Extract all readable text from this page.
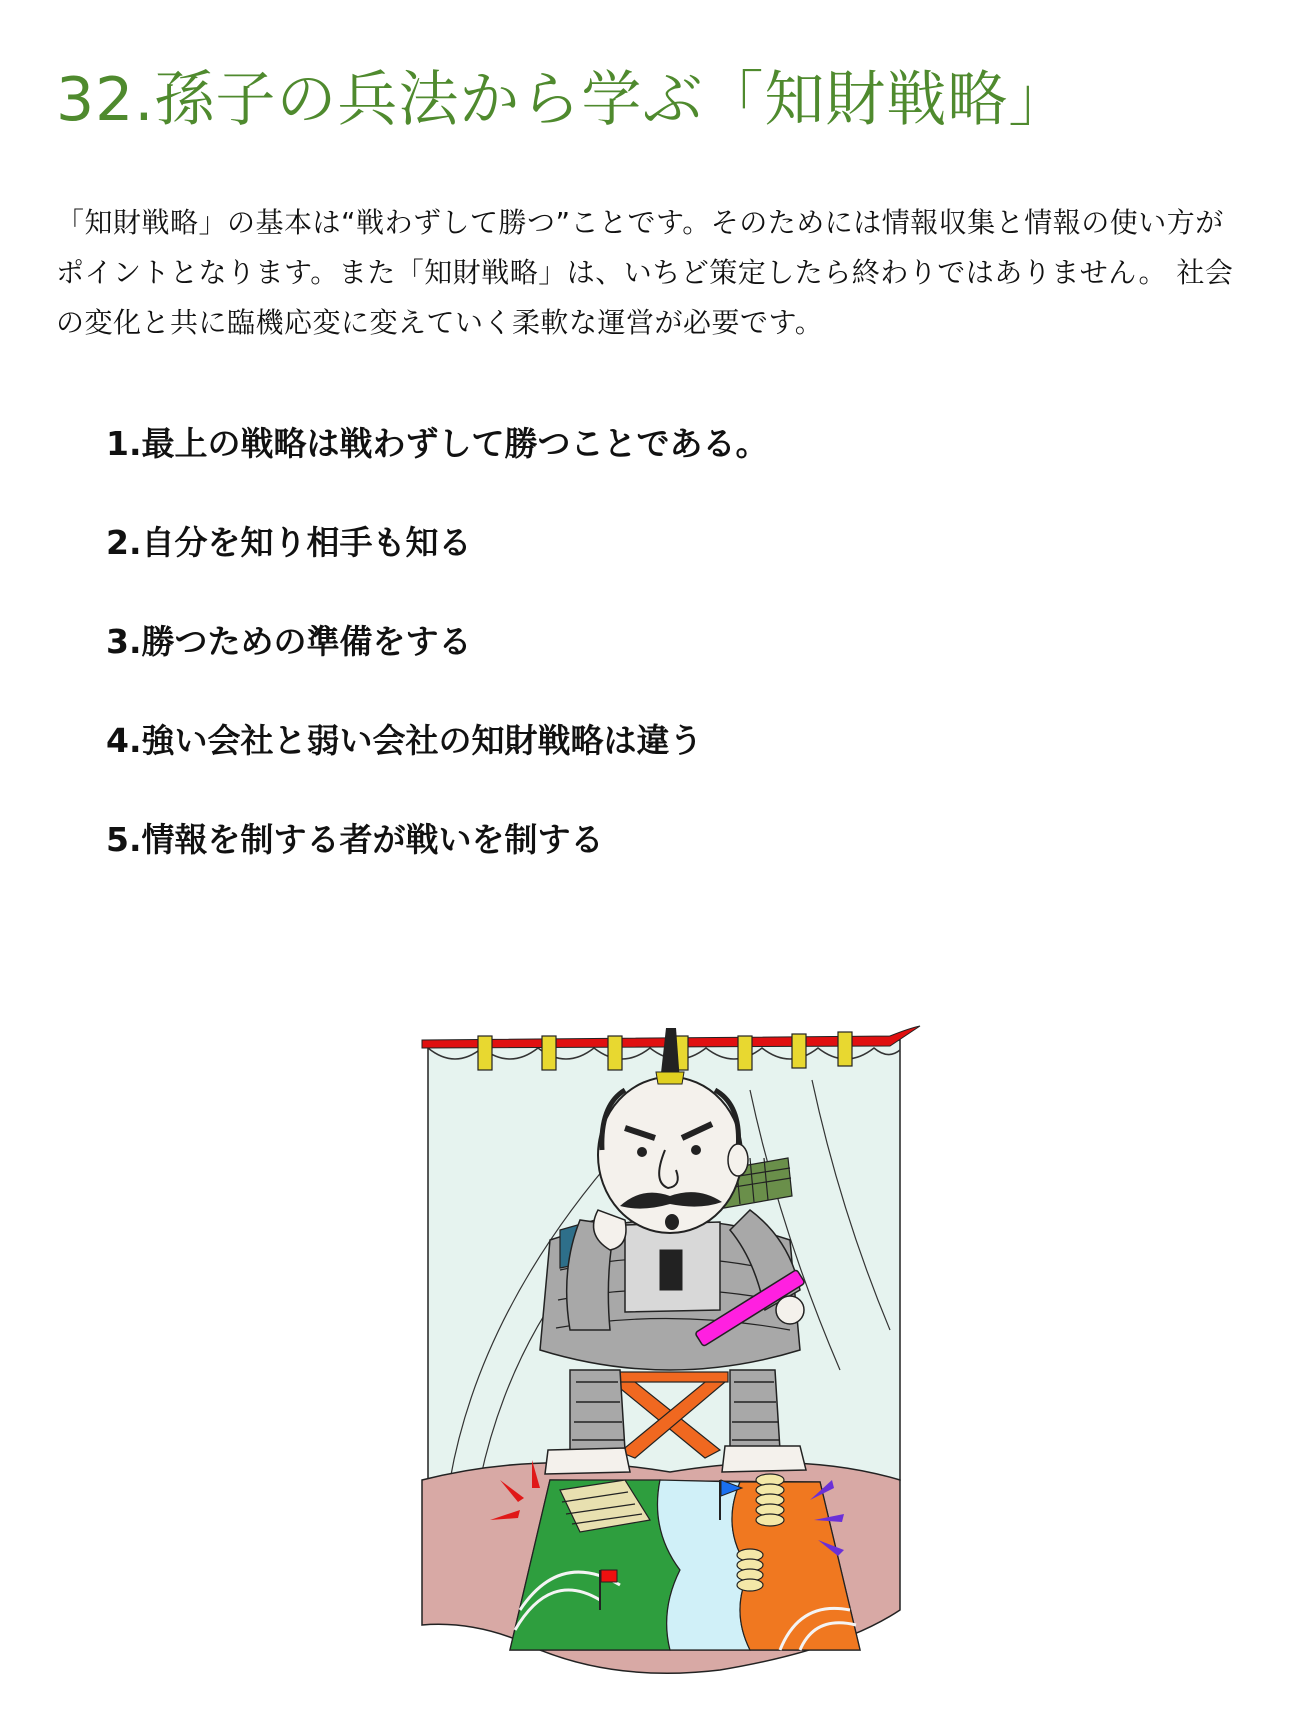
32.孫子の兵法から学ぶ「知財戦略」

「知財戦略」の基本は“戦わずして勝つ”ことです。そのためには情報収集と情報の使い方がポイントとなります。また「知財戦略」は、いちど策定したら終わりではありません。 社会の変化と共に臨機応変に変えていく柔軟な運営が必要です。

1.最上の戦略は戦わずして勝つことである。
2.自分を知り相手も知る
3.勝つための準備をする
4.強い会社と弱い会社の知財戦略は違う
5.情報を制する者が戦いを制する
